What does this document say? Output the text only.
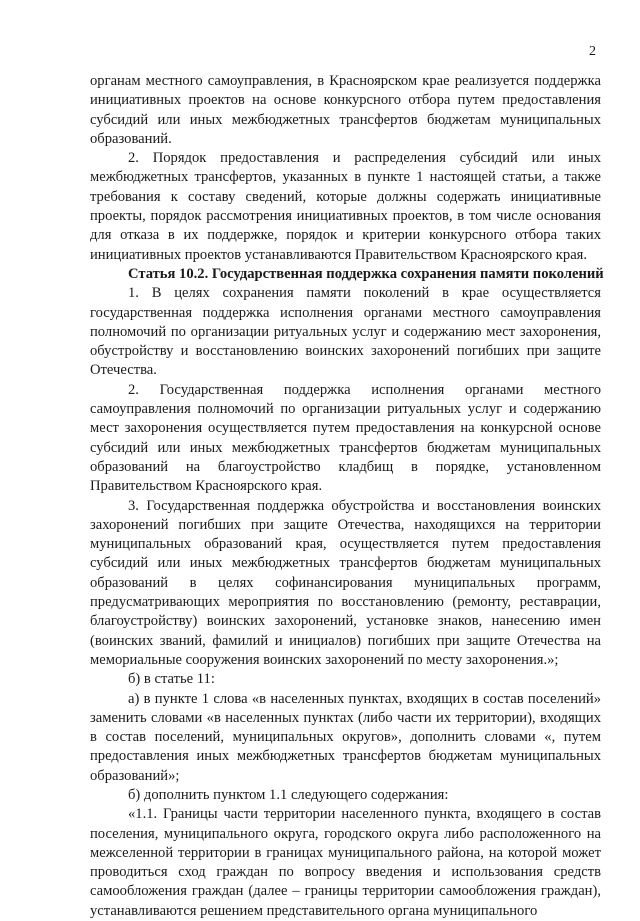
2

органам местного самоуправления, в Красноярском крае реализуется поддержка инициативных проектов на основе конкурсного отбора путем предоставления субсидий или иных межбюджетных трансфертов бюджетам муниципальных образований.

2. Порядок предоставления и распределения субсидий или иных межбюджетных трансфертов, указанных в пункте 1 настоящей статьи, а также требования к составу сведений, которые должны содержать инициативные проекты, порядок рассмотрения инициативных проектов, в том числе основания для отказа в их поддержке, порядок и критерии конкурсного отбора таких инициативных проектов устанавливаются Правительством Красноярского края.

Статья 10.2. Государственная поддержка сохранения памяти поколений

1. В целях сохранения памяти поколений в крае осуществляется государственная поддержка исполнения органами местного самоуправления полномочий по организации ритуальных услуг и содержанию мест захоронения, обустройству и восстановлению воинских захоронений погибших при защите Отечества.

2. Государственная поддержка исполнения органами местного самоуправления полномочий по организации ритуальных услуг и содержанию мест захоронения осуществляется путем предоставления на конкурсной основе субсидий или иных межбюджетных трансфертов бюджетам муниципальных образований на благоустройство кладбищ в порядке, установленном Правительством Красноярского края.

3. Государственная поддержка обустройства и восстановления воинских захоронений погибших при защите Отечества, находящихся на территории муниципальных образований края, осуществляется путем предоставления субсидий или иных межбюджетных трансфертов бюджетам муниципальных образований в целях софинансирования муниципальных программ, предусматривающих мероприятия по восстановлению (ремонту, реставрации, благоустройству) воинских захоронений, установке знаков, нанесению имен (воинских званий, фамилий и инициалов) погибших при защите Отечества на мемориальные сооружения воинских захоронений по месту захоронения.»;

б) в статье 11:

а) в пункте 1 слова «в населенных пунктах, входящих в состав поселений» заменить словами «в населенных пунктах (либо части их территории), входящих в состав поселений, муниципальных округов», дополнить словами «, путем предоставления иных межбюджетных трансфертов бюджетам муниципальных образований»;

б) дополнить пунктом 1.1 следующего содержания:

«1.1. Границы части территории населенного пункта, входящего в состав поселения, муниципального округа, городского округа либо расположенного на межселенной территории в границах муниципального района, на которой может проводиться сход граждан по вопросу введения и использования средств самообложения граждан (далее – границы территории самообложения граждан), устанавливаются решением представительного органа муниципального
